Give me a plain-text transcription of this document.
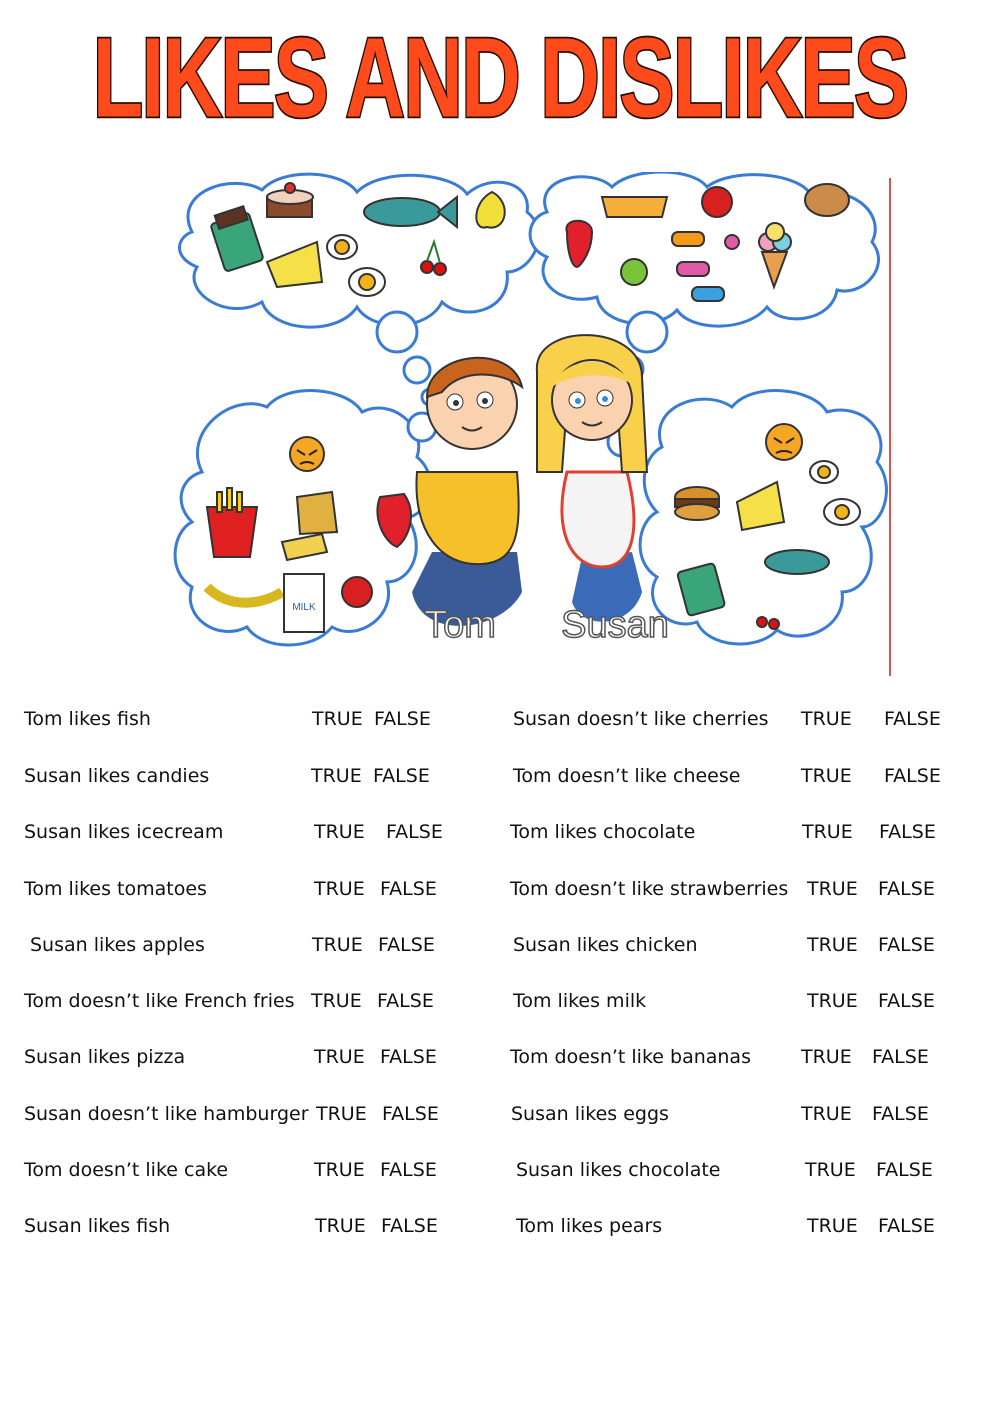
LIKES AND DISLIKES
MILK	Tom Susan
Tom likes fish	TRUE FALSE
Susan likes candies	TRUE FALSE
Susan likes icecream	TRUE FALSE
Tom likes tomatoes	TRUE FALSE
Susan likes apples	TRUE FALSE
Tom doesn’t like French fries TRUE FALSE
Susan likes pizza	TRUE FALSE
Susan doesn’t like hamburger TRUE FALSE
Tom doesn’t like cake	TRUE FALSE
Susan likes fish	TRUE FALSE
Susan doesn’t like cherries TRUE FALSE
Tom doesn’t like cheese	TRUE FALSE
Tom likes chocolate	TRUE FALSE
Tom doesn’t like strawberries TRUE FALSE
Susan likes chicken	TRUE FALSE
Tom likes milk	TRUE FALSE
Tom doesn’t like bananas	TRUE FALSE
Susan likes eggs	TRUE FALSE
Susan likes chocolate	TRUE FALSE
Tom likes pears	TRUE FALSE
